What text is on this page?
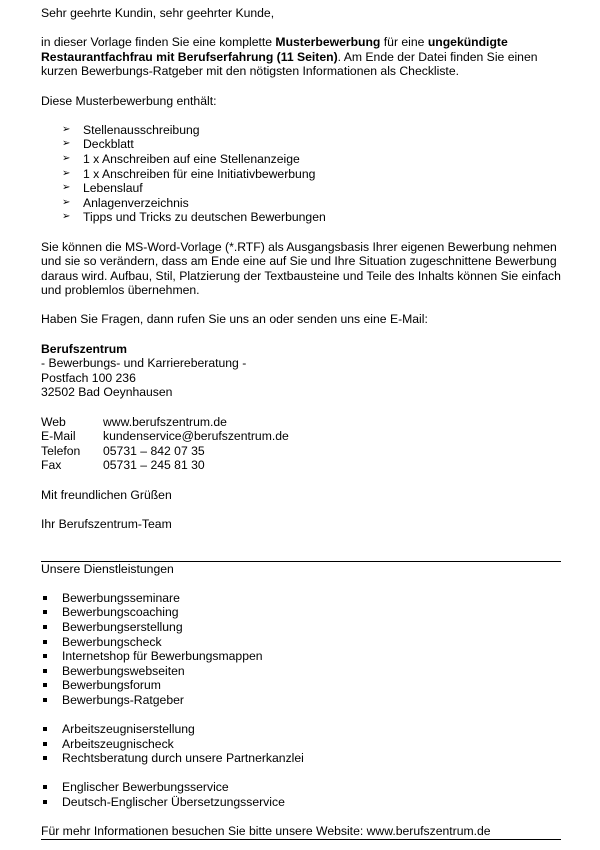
Sehr geehrte Kundin, sehr geehrter Kunde,

in dieser Vorlage finden Sie eine komplette Musterbewerbung für eine ungekündigte Restaurantfachfrau mit Berufserfahrung (11 Seiten). Am Ende der Datei finden Sie einen kurzen Bewerbungs-Ratgeber mit den nötigsten Informationen als Checkliste.

Diese Musterbewerbung enthält:

➢ Stellenausschreibung
➢ Deckblatt
➢ 1 x Anschreiben auf eine Stellenanzeige
➢ 1 x Anschreiben für eine Initiativbewerbung
➢ Lebenslauf
➢ Anlagenverzeichnis
➢ Tipps und Tricks zu deutschen Bewerbungen

Sie können die MS-Word-Vorlage (*.RTF) als Ausgangsbasis Ihrer eigenen Bewerbung nehmen und sie so verändern, dass am Ende eine auf Sie und Ihre Situation zugeschnittene Bewerbung daraus wird. Aufbau, Stil, Platzierung der Textbausteine und Teile des Inhalts können Sie einfach und problemlos übernehmen.

Haben Sie Fragen, dann rufen Sie uns an oder senden uns eine E-Mail:

Berufszentrum

- Bewerbungs- und Karriereberatung -

Postfach 100 236

32502 Bad Oeynhausen

Web	www.berufszentrum.de
E-Mail	kundenservice@berufszentrum.de
Telefon	05731 – 842 07 35
Fax	05731 – 245 81 30

Mit freundlichen Grüßen

Ihr Berufszentrum-Team

Unsere Dienstleistungen

Bewerbungsseminare
Bewerbungscoaching
Bewerbungserstellung
Bewerbungscheck
Internetshop für Bewerbungsmappen
Bewerbungswebseiten
Bewerbungsforum
Bewerbungs-Ratgeber
Arbeitszeugniserstellung
Arbeitszeugnischeck
Rechtsberatung durch unsere Partnerkanzlei
Englischer Bewerbungsservice
Deutsch-Englischer Übersetzungsservice

Für mehr Informationen besuchen Sie bitte unsere Website: www.berufszentrum.de
